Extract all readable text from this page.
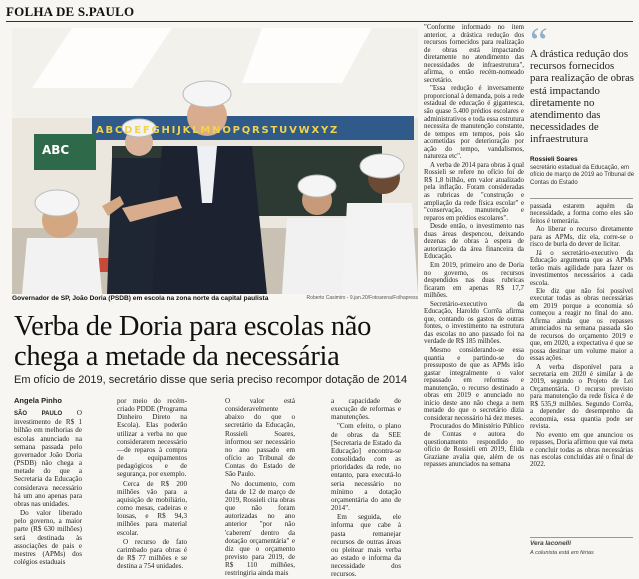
FOLHA DE S.PAULO
ABC
ABCDEFGHIJKLMNOPQRSTUVWXYZ
Governador de SP, João Doria (PSDB) em escola na zona norte da capital paulista	Roberto Casimiro - 9.jan.20/Fotoarena/Folhapress
Verba de Doria para escolas não chega a metade da necessária
Em ofício de 2019, secretário disse que seria preciso recompor dotação de 2014
Angela Pinho

SÃO PAULO O investimento de R$ 1 bilhão em melhorias de escolas anunciado na semana passada pelo governador João Doria (PSDB) não chega a metade do que a Secretaria da Educação considerava necessário há um ano apenas para obras nas unidades.

Do valor liberado pelo governo, a maior parte (R$ 630 milhões) será destinada às associações de pais e mestres (APMs) dos colégios estaduais

por meio do recém-criado PDDE (Programa Dinheiro Direto na Escola). Elas poderão utilizar a verba no que considerarem necessário —de reparos à compra de equipamentos pedagógicos e de segurança, por exemplo.

Cerca de R$ 200 milhões vão para a aquisição de mobiliário, como mesas, cadeiras e lousas, e R$ 94,3 milhões para material escolar.

O recurso de fato carimbado para obras é de R$ 77 milhões e se destina a 754 unidades.

O valor está consideravelmente abaixo do que o secretário da Educação, Rossieli Soares, informou ser necessário no ano passado em ofício ao Tribunal de Contas do Estado de São Paulo.

No documento, com data de 12 de março de 2019, Rossieli cita obras que não foram autorizadas no ano anterior "por não 'caberem' dentro da dotação orçamentária" e diz que o orçamento previsto para 2019, de R$ 110 milhões, restringiria ainda mais

a capacidade de execução de reformas e manutenções.

"Com efeito, o plano de obras da SEE [Secretaria de Estado da Educação] encontra-se consolidado com as prioridades da rede, no entanto, para executá-lo seria necessário no mínimo a dotação orçamentária do ano de 2014".

Em seguida, ele informa que cabe à pasta remanejar recursos de outras áreas ou pleitear mais verba ao estado e informa da necessidade dos recursos.

"Conforme informado no item anterior, a drástica redução dos recursos fornecidos para realização de obras está impactando diretamente no atendimento das necessidades de infraestrutura", afirma, o então recém-nomeado secretário.

"Essa redução é inversamente proporcional à demanda, pois a rede estadual de educação é gigantesca, são quase 5.400 prédios escolares e administrativos e toda essa estrutura necessita de manutenção constante, de tempos em tempos, pois são acometidas por deterioração por ação do tempo, vandalismos, natureza etc".

A verba de 2014 para obras à qual Rossieli se refere no ofício foi de R$ 1,8 bilhão, em valor atualizado pela inflação. Foram consideradas as rubricas de "construção e ampliação da rede física escolar" e "conservação, manutenção e reparos em prédios escolares".

Desde então, o investimento nas duas áreas despencou, deixando dezenas de obras à espera de autorização da área financeira da Educação.

Em 2019, primeiro ano de Doria no governo, os recursos despendidos nas duas rubricas ficaram em apenas R$ 17,7 milhões.

Secretário-executivo da Educação, Haroldo Corrêa afirma que, contando os gastos de outras fontes, o investimento na estrutura das escolas no ano passado foi na verdade de R$ 185 milhões.

Mesmo considerando-se essa quantia e partindo-se do pressuposto de que as APMs irão gastar integralmente o valor repassado em reformas e manutenção, o recurso destinado a obras em 2019 e anunciado no início deste ano não chega a nem metade do que o secretário dizia considerar necessário há dez meses.

Procurados do Ministério Público de Contas e autora do questionamento respondido no ofício de Rossieli em 2019, Élida Graziane avalia que, além de os repasses anunciados na semana

“
A drástica redução dos recursos fornecidos para realização de obras está impactando diretamente no atendimento das necessidades de infraestrutura
Rossieli Soares
secretário estadual da Educação, em ofício de março de 2019 ao Tribunal de Contas do Estado

passada estarem aquém da necessidade, a forma como eles são feitos é temerária.

Ao liberar o recurso diretamente para as APMs, diz ela, corre-se o risco de burla do dever de licitar.

Já o secretário-executivo da Educação argumenta que as APMs terão mais agilidade para fazer os investimentos necessários a cada escola.

Ele diz que não foi possível executar todas as obras necessárias em 2019 porque a economia só começou a reagir no final do ano. Afirma ainda que os repasses anunciados na semana passada são de recursos do orçamento 2019 e que, em 2020, a expectativa é que se possa destinar um volume maior a essas ações.

A verba disponível para a secretaria em 2020 é similar à de 2019, segundo o Projeto de Lei Orçamentária. O recurso previsto para manutenção da rede física é de R$ 535,9 milhões. Segundo Corrêa, a depender do desempenho da economia, essa quantia pode ser revista.

No evento em que anunciou os repasses, Doria afirmou que vai meta e concluir todas as obras necessárias nas escolas concluídas até o final de 2022.

Vera Iaconelli
A colunista está em férias
